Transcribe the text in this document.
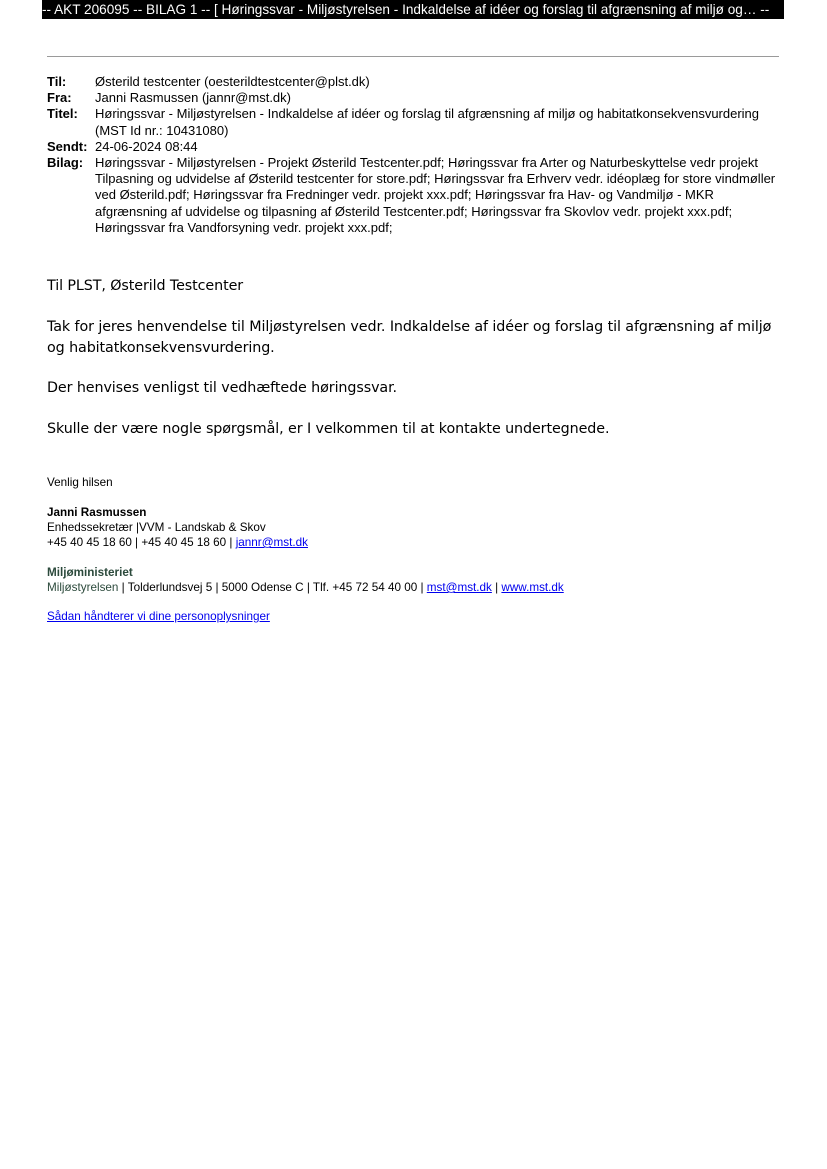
-- AKT 206095 -- BILAG 1 -- [ Høringssvar - Miljøstyrelsen - Indkaldelse af idéer og forslag til afgrænsning af miljø og… --
Til:	Østerild testcenter (oesterildtestcenter@plst.dk)
Fra:	Janni Rasmussen (jannr@mst.dk)
Titel:	Høringssvar - Miljøstyrelsen - Indkaldelse af idéer og forslag til afgrænsning af miljø og habitatkonsekvensvurdering (MST Id nr.: 10431080)
Sendt:	24-06-2024 08:44
Bilag:	Høringssvar - Miljøstyrelsen - Projekt Østerild Testcenter.pdf; Høringssvar fra Arter og Naturbeskyttelse vedr projekt Tilpasning og udvidelse af Østerild testcenter for store.pdf; Høringssvar fra Erhverv vedr. idéoplæg for store vindmøller ved Østerild.pdf; Høringssvar fra Fredninger vedr. projekt xxx.pdf; Høringssvar fra Hav- og Vandmiljø - MKR afgrænsning af udvidelse og tilpasning af Østerild Testcenter.pdf; Høringssvar fra Skovlov vedr. projekt xxx.pdf; Høringssvar fra Vandforsyning vedr. projekt xxx.pdf;
Til PLST, Østerild Testcenter
Tak for jeres henvendelse til Miljøstyrelsen vedr. Indkaldelse af idéer og forslag til afgrænsning af miljø og habitatkonsekvensvurdering.
Der henvises venligst til vedhæftede høringssvar.
Skulle der være nogle spørgsmål, er I velkommen til at kontakte undertegnede.
Venlig hilsen
Janni Rasmussen
Enhedssekretær |VVM - Landskab & Skov
+45 40 45 18 60 | +45 40 45 18 60 | jannr@mst.dk
Miljøministeriet
Miljøstyrelsen | Tolderlundsvej 5 | 5000 Odense C | Tlf. +45 72 54 40 00 | mst@mst.dk | www.mst.dk
Sådan håndterer vi dine personoplysninger
